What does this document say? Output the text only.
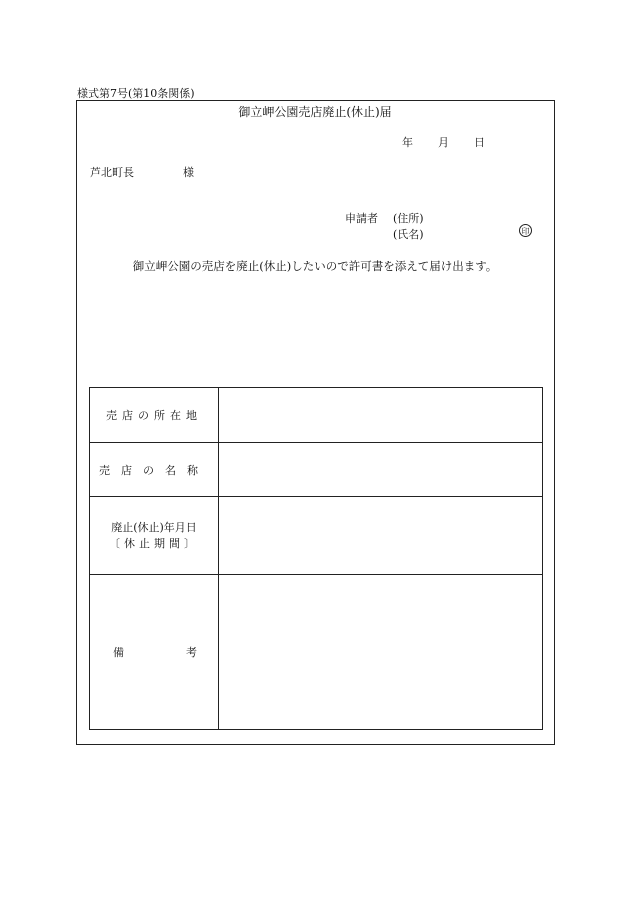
様式第7号(第10条関係)
御立岬公園売店廃止(休止)届
年 月 日
芦北町長	様
申請者 (住所)
(氏名)	印
御立岬公園の売店を廃止(休止)したいので許可書を添えて届け出ます。
売店の所在地	
売店の名称	

廃止(休止)年月日
〔休止期間〕	

備 考	
